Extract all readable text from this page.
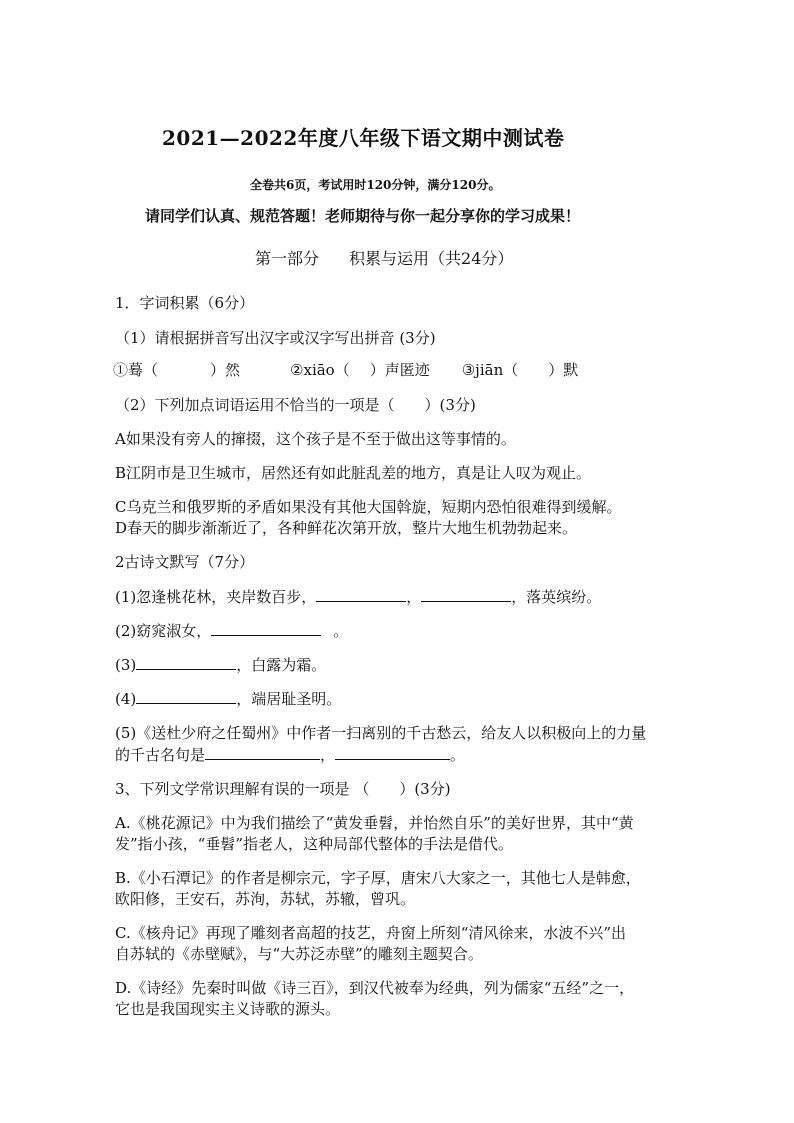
2021—2022年度八年级下语文期中测试卷
全卷共6页，考试用时120分钟，满分120分。
请同学们认真、规范答题！老师期待与你一起分享你的学习成果！
第一部分 积累与运用（共24分）
1．字词积累（6分）
（1）请根据拼音写出汉字或汉字写出拼音 (3分)
①蓦（	）然	②xiāo（ ）声匿迹 ③jiān（ ）默
（2）下列加点词语运用不恰当的一项是（　　）(3分)
A如果没有旁人的撺掇，这个孩子是不至于做出这等事情的。
B江阴市是卫生城市，居然还有如此脏乱差的地方，真是让人叹为观止。
C乌克兰和俄罗斯的矛盾如果没有其他大国斡旋，短期内恐怕很难得到缓解。
D春天的脚步渐渐近了，各种鲜花次第开放，整片大地生机勃勃起来。
2古诗文默写（7分）
(1)忽逢桃花林，夹岸数百步，	，	，落英缤纷。
(2)窈窕淑女，	。
(3)	，白露为霜。
(4)	，端居耻圣明。
(5)《送杜少府之任蜀州》中作者一扫离别的千古愁云，给友人以积极向上的力量
的千古名句是	，	。
3、下列文学常识理解有误的一项是 （　　）(3分)
A.《桃花源记》中为我们描绘了“黄发垂髫，并怡然自乐”的美好世界，其中“黄
发”指小孩，“垂髫”指老人，这种局部代整体的手法是借代。
B.《小石潭记》的作者是柳宗元，字子厚，唐宋八大家之一，其他七人是韩愈，
欧阳修，王安石，苏洵，苏轼，苏辙，曾巩。
C.《核舟记》再现了雕刻者高超的技艺，舟窗上所刻“清风徐来，水波不兴”出
自苏轼的《赤壁赋》，与“大苏泛赤壁”的雕刻主题契合。
D.《诗经》先秦时叫做《诗三百》，到汉代被奉为经典，列为儒家“五经”之一，
它也是我国现实主义诗歌的源头。
